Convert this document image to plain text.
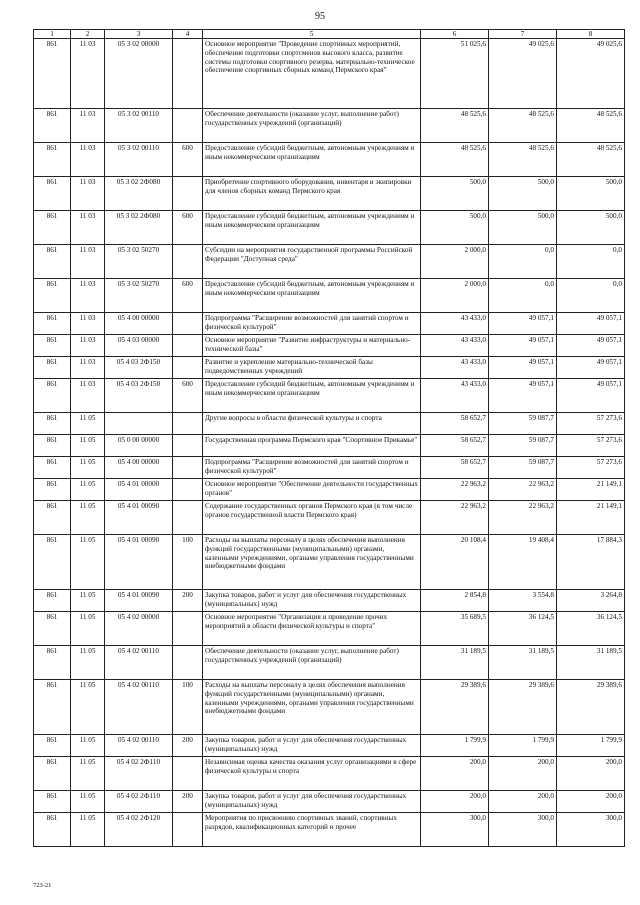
95
1	2	3	4	5	6	7	8
861	11 03	05 3 02 00000		Основное мероприятие "Проведение спортивных мероприятий, обеспечение подготовки спортсменов высокого класса, развитие системы подготовки спортивного резерва, материально-техническое обеспечение спортивных сборных команд Пермского края"	51 025,6	49 025,6	49 025,6
861	11 03	05 3 02 00110		Обеспечение деятельности (оказание услуг, выполнение работ) государственных учреждений (организаций)	48 525,6	48 525,6	48 525,6
861	11 03	05 3 02 00110	600	Предоставление субсидий бюджетным, автономным учреждениям и иным некоммерческим организациям	48 525,6	48 525,6	48 525,6
861	11 03	05 3 02 2Ф080		Приобретение спортивного оборудования, инвентаря и экипировки для членов сборных команд Пермского края	500,0	500,0	500,0
861	11 03	05 3 02 2Ф080	600	Предоставление субсидий бюджетным, автономным учреждениям и иным некоммерческим организациям	500,0	500,0	500,0
861	11 03	05 3 02 50270		Субсидии на мероприятия государственной программы Российской Федерации "Доступная среда"	2 000,0	0,0	0,0
861	11 03	05 3 02 50270	600	Предоставление субсидий бюджетным, автономным учреждениям и иным некоммерческим организациям	2 000,0	0,0	0,0
861	11 03	05 4 00 00000		Подпрограмма "Расширение возможностей для занятий спортом и физической культурой"	43 433,0	49 057,1	49 057,1
861	11 03	05 4 03 00000		Основное мероприятие "Развитие инфраструктуры и материально-технической базы"	43 433,0	49 057,1	49 057,1
861	11 03	05 4 03 2Ф150		Развитие и укрепление материально-технической базы подведомственных учреждений	43 433,0	49 057,1	49 057,1
861	11 03	05 4 03 2Ф150	600	Предоставление субсидий бюджетным, автономным учреждениям и иным некоммерческим организациям	43 433,0	49 057,1	49 057,1
861	11 05			Другие вопросы в области физической культуры и спорта	58 652,7	59 087,7	57 273,6
861	11 05	05 0 00 00000		Государственная программа Пермского края "Спортивное Прикамье"	58 652,7	59 087,7	57 273,6
861	11 05	05 4 00 00000		Подпрограмма "Расширение возможностей для занятий спортом и физической культурой"	58 652,7	59 087,7	57 273,6
861	11 05	05 4 01 00000		Основное мероприятие "Обеспечение деятельности государственных органов"	22 963,2	22 963,2	21 149,1
861	11 05	05 4 01 00090		Содержание государственных органов Пермского края (в том числе органов государственной власти Пермского края)	22 963,2	22 963,2	21 149,1
861	11 05	05 4 01 00090	100	Расходы на выплаты персоналу в целях обеспечения выполнения функций государственными (муниципальными) органами, казенными учреждениями, органами управления государственными внебюджетными фондами	20 108,4	19 408,4	17 884,3
861	11 05	05 4 01 00090	200	Закупка товаров, работ и услуг для обеспечения государственных (муниципальных) нужд	2 854,8	3 554,8	3 264,8
861	11 05	05 4 02 00000		Основное мероприятие "Организация и проведение прочих мероприятий в области физической культуры и спорта"	35 689,5	36 124,5	36 124,5
861	11 05	05 4 02 00110		Обеспечение деятельности (оказание услуг, выполнение работ) государственных учреждений (организаций)	31 189,5	31 189,5	31 189,5
861	11 05	05 4 02 00110	100	Расходы на выплаты персоналу в целях обеспечения выполнения функций государственными (муниципальными) органами, казенными учреждениями, органами управления государственными внебюджетными фондами	29 389,6	29 389,6	29 389,6
861	11 05	05 4 02 00110	200	Закупка товаров, работ и услуг для обеспечения государственных (муниципальных) нужд	1 799,9	1 799,9	1 799,9
861	11 05	05 4 02 2Ф110		Независимая оценка качества оказания услуг организациями в сфере физической культуры и спорта	200,0	200,0	200,0
861	11 05	05 4 02 2Ф110	200	Закупка товаров, работ и услуг для обеспечения государственных (муниципальных) нужд	200,0	200,0	200,0
861	11 05	05 4 02 2Ф120		Мероприятия по присвоению спортивных званий, спортивных разрядов, квалификационных категорий и прочее	300,0	300,0	300,0
723-21
